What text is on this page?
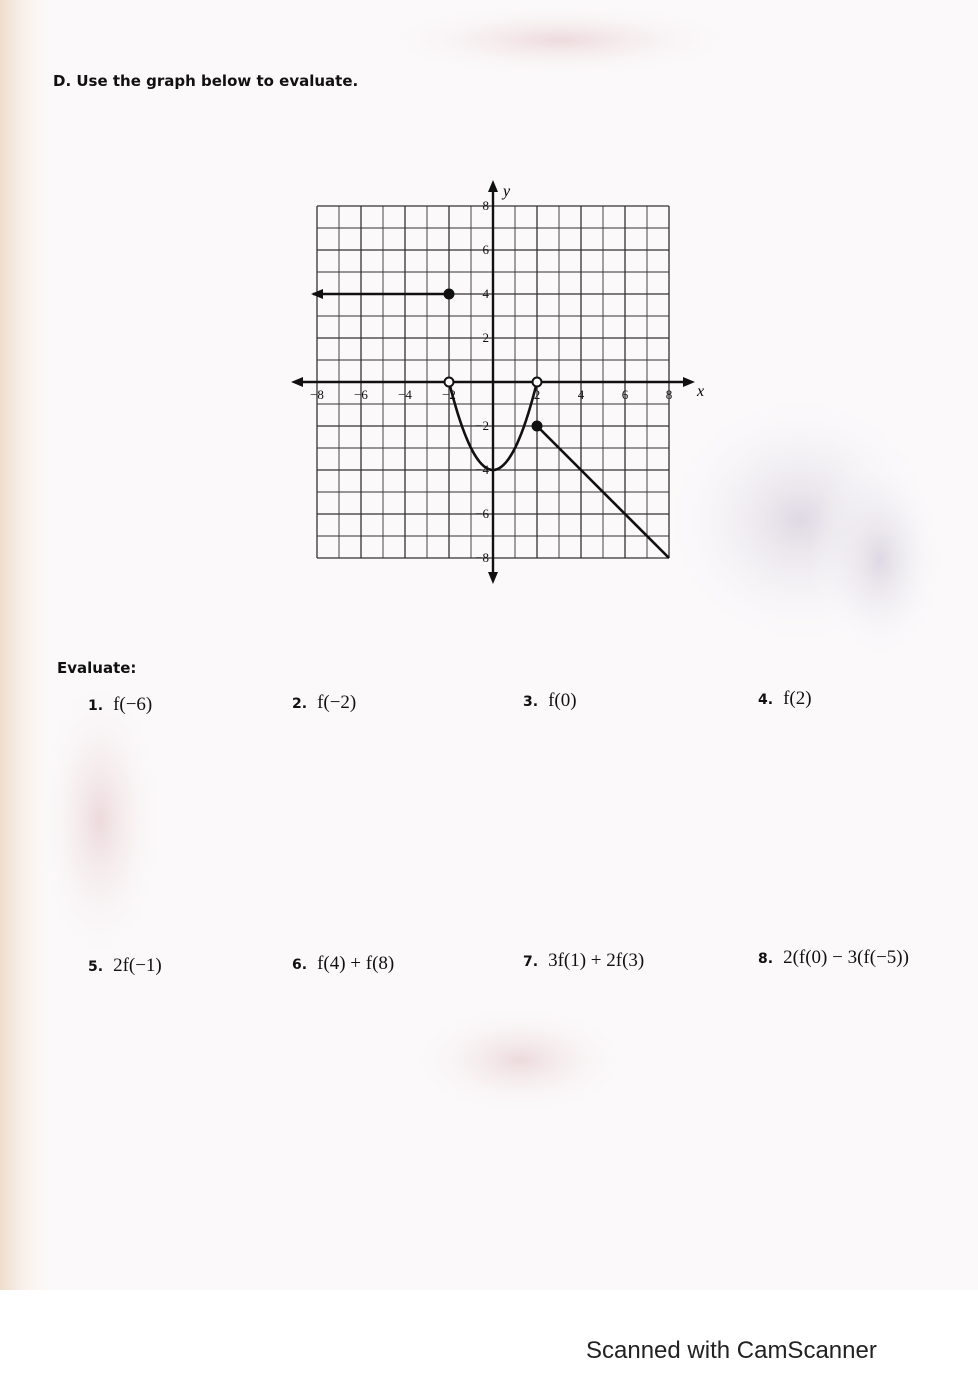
D. Use the graph below to evaluate.
x
y
−8 −6 −4 −2	2	4	6	8
8
6
4
2
−2
−4
−6
−8
Evaluate:
1. f(−6)	2. f(−2)	3. f(0)	4. f(2)
5. 2f(−1)	6. f(4) + f(8)	7. 3f(1) + 2f(3)	8. 2(f(0) − 3(f(−5))
Scanned with CamScanner
